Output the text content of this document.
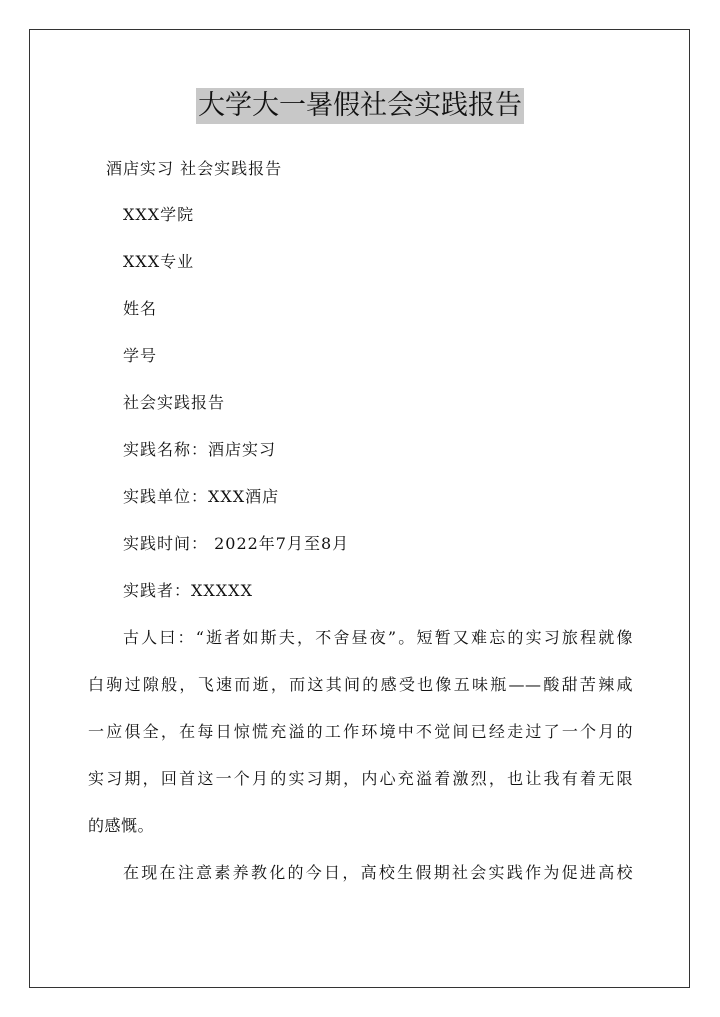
大学大一暑假社会实践报告
酒店实习 社会实践报告
XXX学院
XXX专业
姓名
学号
社会实践报告
实践名称：酒店实习
实践单位：XXX酒店
实践时间： 2022年7月至8月
实践者：XXXXX
古人曰：“逝者如斯夫，不舍昼夜”。短暂又难忘的实习旅程就像
白驹过隙般，飞速而逝，而这其间的感受也像五味瓶——酸甜苦辣咸
一应俱全，在每日惊慌充溢的工作环境中不觉间已经走过了一个月的
实习期，回首这一个月的实习期，内心充溢着激烈，也让我有着无限
的感慨。
在现在注意素养教化的今日，高校生假期社会实践作为促进高校
